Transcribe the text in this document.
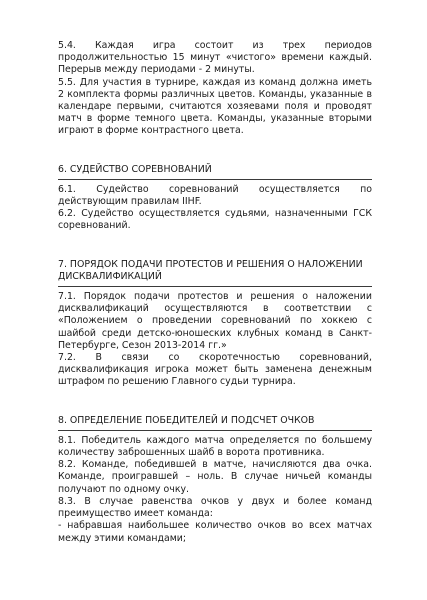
5.4. Каждая игра состоит из трех периодов продолжительностью 15 минут «чистого» времени каждый. Перерыв между периодами - 2 минуты.

5.5. Для участия в турнире, каждая из команд должна иметь 2 комплекта формы различных цветов. Команды, указанные в календаре первыми, считаются хозяевами поля и проводят матч в форме темного цвета. Команды, указанные вторыми играют в форме контрастного цвета.

6. СУДЕЙСТВО СОРЕВНОВАНИЙ

6.1. Судейство соревнований осуществляется по действующим правилам IIHF.

6.2. Судейство осуществляется судьями, назначенными ГСК соревнований.

7. ПОРЯДОК ПОДАЧИ ПРОТЕСТОВ И РЕШЕНИЯ О НАЛОЖЕНИИ ДИСКВАЛИФИКАЦИЙ

7.1. Порядок подачи протестов и решения о наложении дисквалификаций осуществляются в соответствии с «Положением о проведении соревнований по хоккею с шайбой среди детско-юношеских клубных команд в Санкт-Петербурге, Сезон 2013-2014 гг.»

7.2. В связи со скоротечностью соревнований, дисквалификация игрока может быть заменена денежным штрафом по решению Главного судьи турнира.

8. ОПРЕДЕЛЕНИЕ ПОБЕДИТЕЛЕЙ И ПОДСЧЕТ ОЧКОВ

8.1. Победитель каждого матча определяется по большему количеству заброшенных шайб в ворота противника.

8.2. Команде, победившей в матче, начисляются два очка. Команде, проигравшей – ноль. В случае ничьей команды получают по одному очку.

8.3. В случае равенства очков у двух и более команд преимущество имеет команда:

- набравшая наибольшее количество очков во всех матчах между этими командами;
